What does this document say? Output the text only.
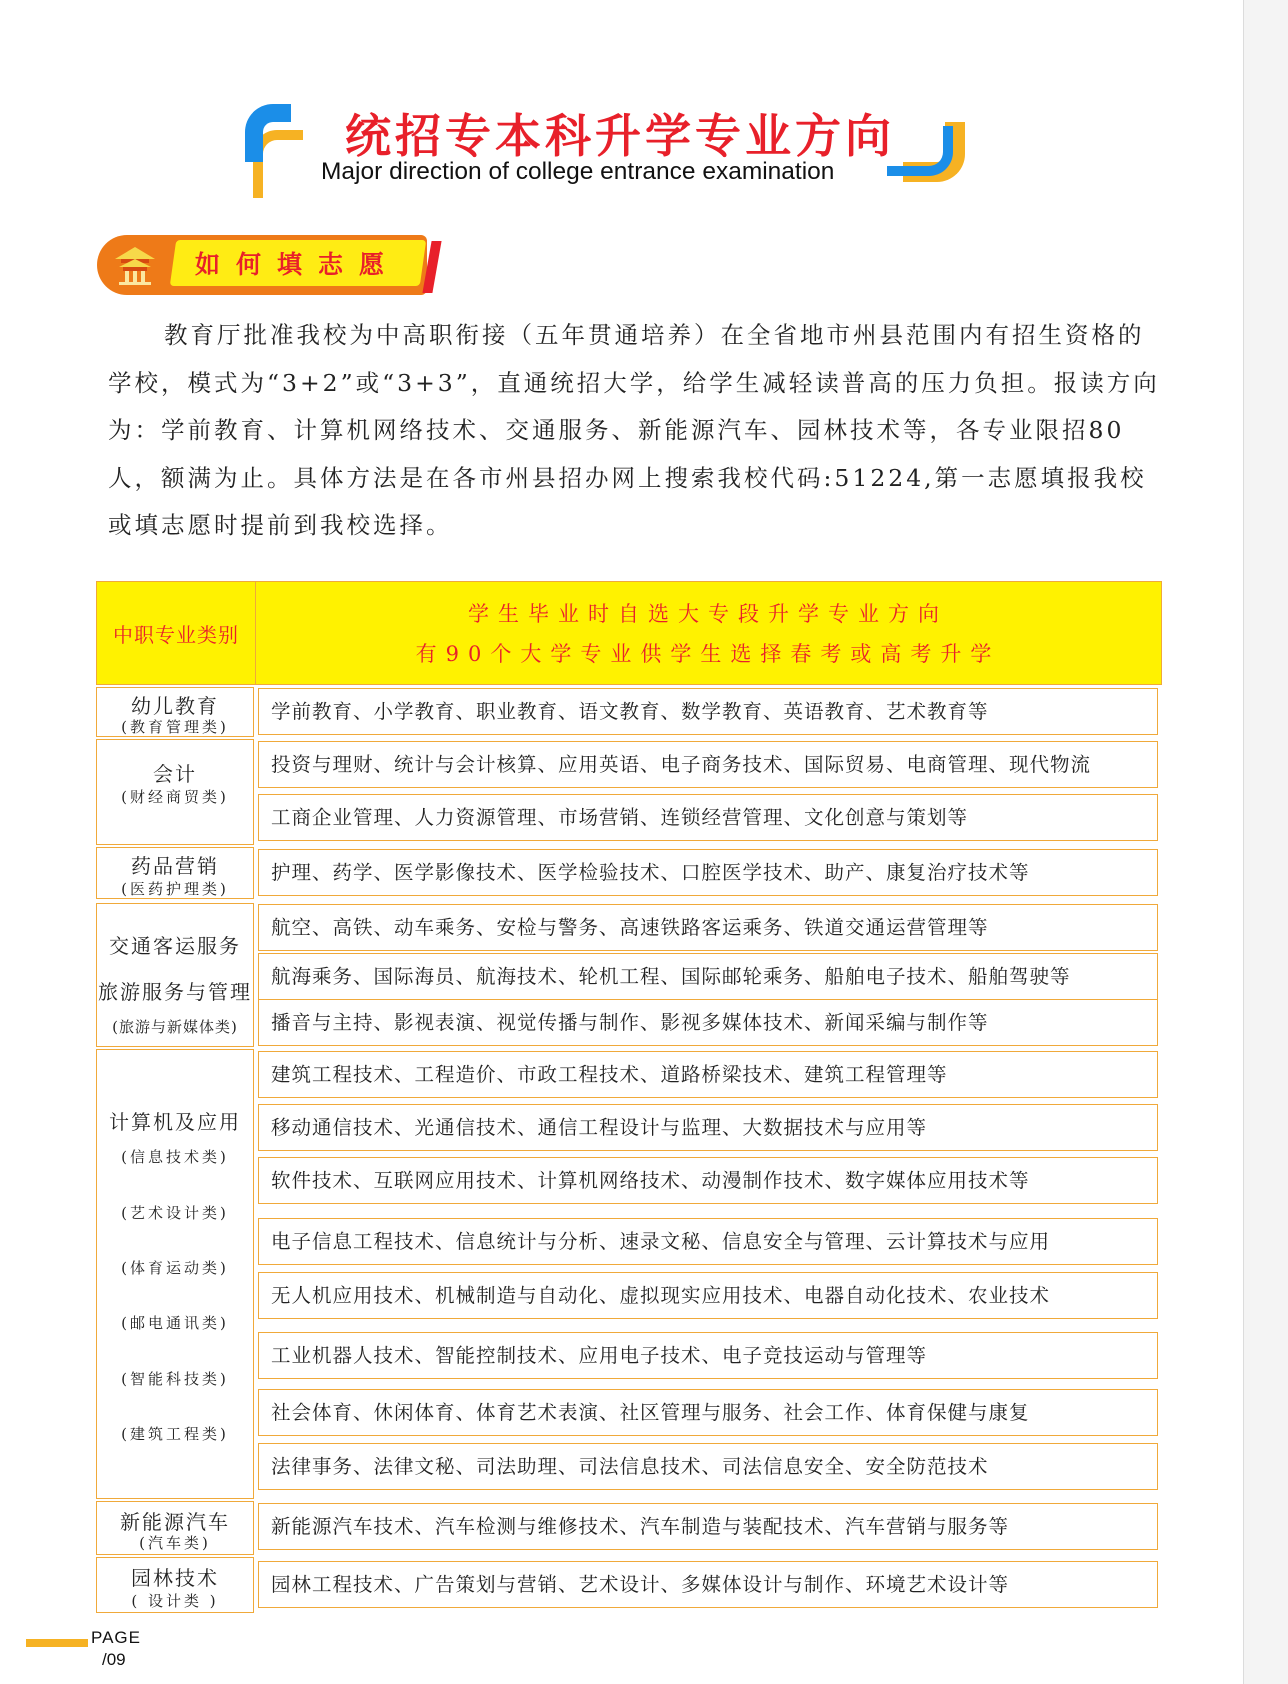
统招专本科升学专业方向
Major direction of college entrance examination
如何填志愿

教育厅批准我校为中高职衔接（五年贯通培养）在全省地市州县范围内有招生资格的学校，模式为“3+2”或“3+3”，直通统招大学，给学生减轻读普高的压力负担。报读方向为：学前教育、计算机网络技术、交通服务、新能源汽车、园林技术等，各专业限招80人，额满为止。具体方法是在各市州县招办网上搜索我校代码:51224,第一志愿填报我校或填志愿时提前到我校选择。

中职专业类别
学生毕业时自选大专段升学专业方向
有90个大学专业供学生选择春考或高考升学
幼儿教育
(教育管理类)
会计
(财经商贸类)
药品营销
(医药护理类)
交通客运服务
旅游服务与管理
(旅游与新媒体类)
计算机及应用
(信息技术类)
(艺术设计类)
(体育运动类)
(邮电通讯类)
(智能科技类)
(建筑工程类)
新能源汽车
(汽车类)
园林技术
( 设计类 )
学前教育、小学教育、职业教育、语文教育、数学教育、英语教育、艺术教育等
投资与理财、统计与会计核算、应用英语、电子商务技术、国际贸易、电商管理、现代物流
工商企业管理、人力资源管理、市场营销、连锁经营管理、文化创意与策划等
护理、药学、医学影像技术、医学检验技术、口腔医学技术、助产、康复治疗技术等
航空、高铁、动车乘务、安检与警务、高速铁路客运乘务、铁道交通运营管理等
航海乘务、国际海员、航海技术、轮机工程、国际邮轮乘务、船舶电子技术、船舶驾驶等
播音与主持、影视表演、视觉传播与制作、影视多媒体技术、新闻采编与制作等
建筑工程技术、工程造价、市政工程技术、道路桥梁技术、建筑工程管理等
移动通信技术、光通信技术、通信工程设计与监理、大数据技术与应用等
软件技术、互联网应用技术、计算机网络技术、动漫制作技术、数字媒体应用技术等
电子信息工程技术、信息统计与分析、速录文秘、信息安全与管理、云计算技术与应用
无人机应用技术、机械制造与自动化、虚拟现实应用技术、电器自动化技术、农业技术
工业机器人技术、智能控制技术、应用电子技术、电子竞技运动与管理等
社会体育、休闲体育、体育艺术表演、社区管理与服务、社会工作、体育保健与康复
法律事务、法律文秘、司法助理、司法信息技术、司法信息安全、安全防范技术
新能源汽车技术、汽车检测与维修技术、汽车制造与装配技术、汽车营销与服务等
园林工程技术、广告策划与营销、艺术设计、多媒体设计与制作、环境艺术设计等
PAGE
/09
